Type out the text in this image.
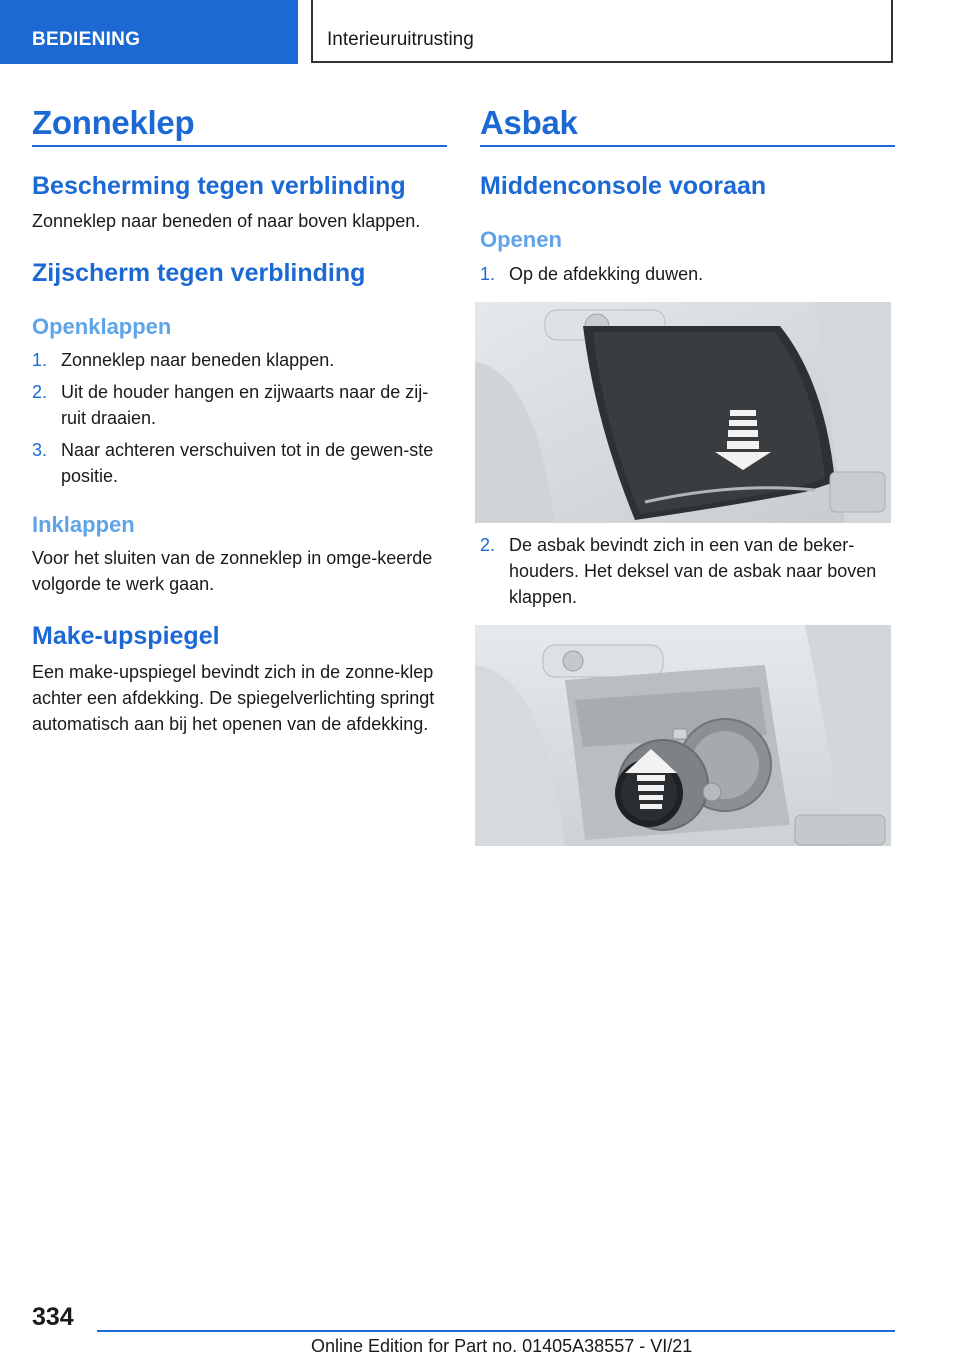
BEDIENING	Interieuruitrusting
Zonneklep
Bescherming tegen verblinding
Zonneklep naar beneden of naar boven klappen.
Zijscherm tegen verblinding
Openklappen
1. Zonneklep naar beneden klappen.
2. Uit de houder hangen en zijwaarts naar de zij-ruit draaien.
3. Naar achteren verschuiven tot in de gewen-ste positie.
Inklappen
Voor het sluiten van de zonneklep in omge-keerde volgorde te werk gaan.
Make-upspiegel
Een make-upspiegel bevindt zich in de zonne-klep achter een afdekking. De spiegelverlichting springt automatisch aan bij het openen van de afdekking.
Asbak
Middenconsole vooraan
Openen
1. Op de afdekking duwen.
2. De asbak bevindt zich in een van de beker-houders. Het deksel van de asbak naar boven klappen.
334
Online Edition for Part no. 01405A38557 - VI/21
